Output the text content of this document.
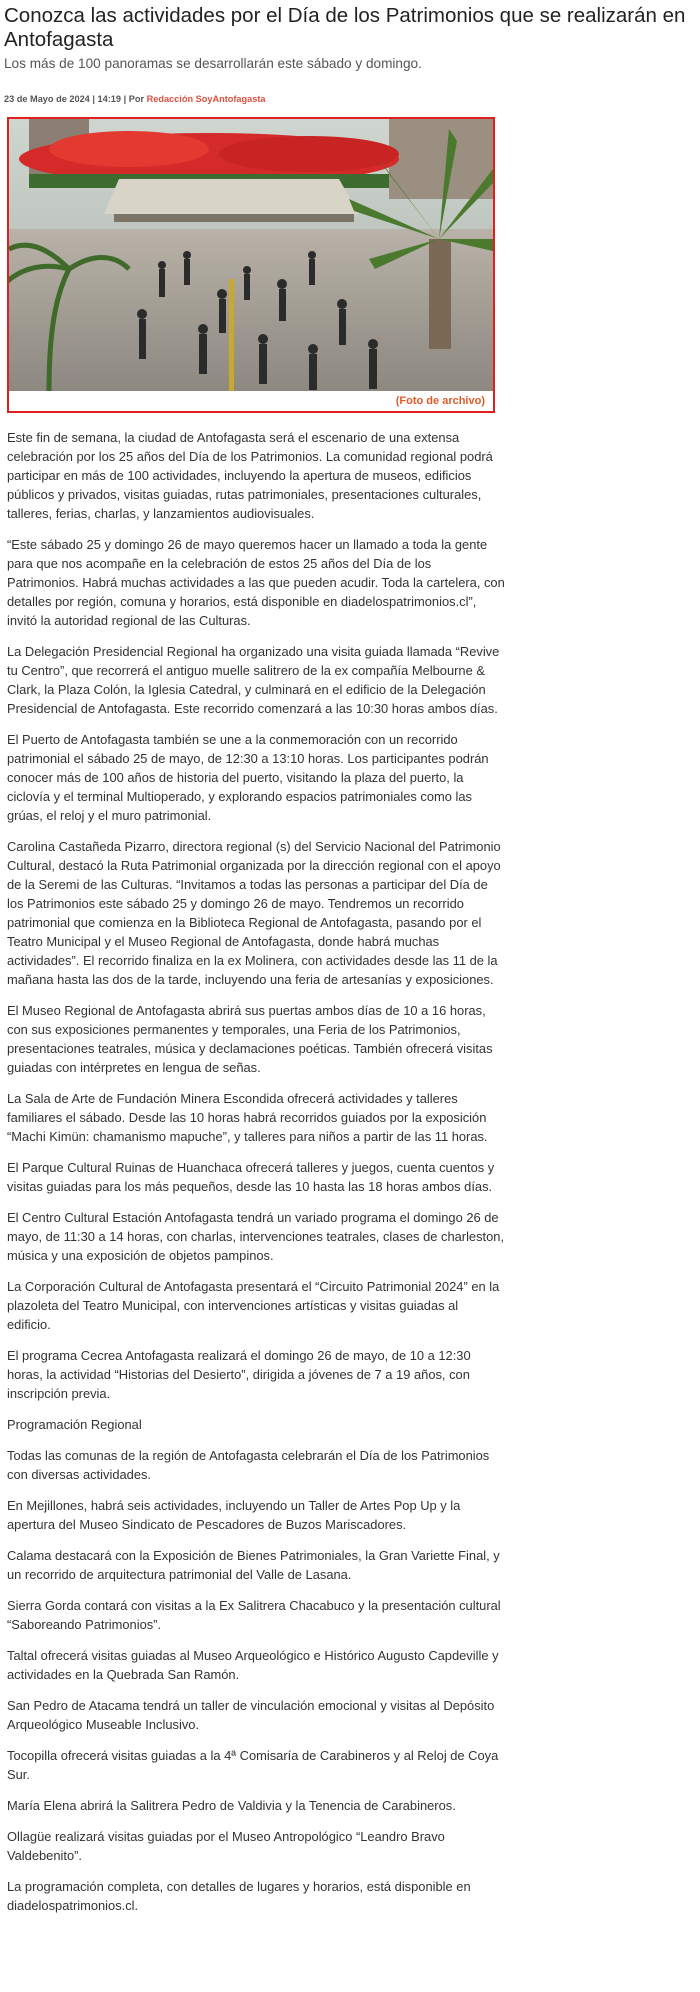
Conozca las actividades por el Día de los Patrimonios que se realizarán en Antofagasta

Los más de 100 panoramas se desarrollarán este sábado y domingo.

23 de Mayo de 2024 | 14:19 | Por Redacción SoyAntofagasta
(Foto de archivo)

Este fin de semana, la ciudad de Antofagasta será el escenario de una extensa celebración por los 25 años del Día de los Patrimonios. La comunidad regional podrá participar en más de 100 actividades, incluyendo la apertura de museos, edificios públicos y privados, visitas guiadas, rutas patrimoniales, presentaciones culturales, talleres, ferias, charlas, y lanzamientos audiovisuales.

“Este sábado 25 y domingo 26 de mayo queremos hacer un llamado a toda la gente para que nos acompañe en la celebración de estos 25 años del Día de los Patrimonios. Habrá muchas actividades a las que pueden acudir. Toda la cartelera, con detalles por región, comuna y horarios, está disponible en diadelospatrimonios.cl”, invitó la autoridad regional de las Culturas.

La Delegación Presidencial Regional ha organizado una visita guiada llamada “Revive tu Centro”, que recorrerá el antiguo muelle salitrero de la ex compañía Melbourne & Clark, la Plaza Colón, la Iglesia Catedral, y culminará en el edificio de la Delegación Presidencial de Antofagasta. Este recorrido comenzará a las 10:30 horas ambos días.

El Puerto de Antofagasta también se une a la conmemoración con un recorrido patrimonial el sábado 25 de mayo, de 12:30 a 13:10 horas. Los participantes podrán conocer más de 100 años de historia del puerto, visitando la plaza del puerto, la ciclovía y el terminal Multioperado, y explorando espacios patrimoniales como las grúas, el reloj y el muro patrimonial.

Carolina Castañeda Pizarro, directora regional (s) del Servicio Nacional del Patrimonio Cultural, destacó la Ruta Patrimonial organizada por la dirección regional con el apoyo de la Seremi de las Culturas. “Invitamos a todas las personas a participar del Día de los Patrimonios este sábado 25 y domingo 26 de mayo. Tendremos un recorrido patrimonial que comienza en la Biblioteca Regional de Antofagasta, pasando por el Teatro Municipal y el Museo Regional de Antofagasta, donde habrá muchas actividades”. El recorrido finaliza en la ex Molinera, con actividades desde las 11 de la mañana hasta las dos de la tarde, incluyendo una feria de artesanías y exposiciones.

El Museo Regional de Antofagasta abrirá sus puertas ambos días de 10 a 16 horas, con sus exposiciones permanentes y temporales, una Feria de los Patrimonios, presentaciones teatrales, música y declamaciones poéticas. También ofrecerá visitas guiadas con intérpretes en lengua de señas.

La Sala de Arte de Fundación Minera Escondida ofrecerá actividades y talleres familiares el sábado. Desde las 10 horas habrá recorridos guiados por la exposición “Machi Kimün: chamanismo mapuche”, y talleres para niños a partir de las 11 horas.

El Parque Cultural Ruinas de Huanchaca ofrecerá talleres y juegos, cuenta cuentos y visitas guiadas para los más pequeños, desde las 10 hasta las 18 horas ambos días.

El Centro Cultural Estación Antofagasta tendrá un variado programa el domingo 26 de mayo, de 11:30 a 14 horas, con charlas, intervenciones teatrales, clases de charleston, música y una exposición de objetos pampinos.

La Corporación Cultural de Antofagasta presentará el “Circuito Patrimonial 2024” en la plazoleta del Teatro Municipal, con intervenciones artísticas y visitas guiadas al edificio.

El programa Cecrea Antofagasta realizará el domingo 26 de mayo, de 10 a 12:30 horas, la actividad “Historias del Desierto”, dirigida a jóvenes de 7 a 19 años, con inscripción previa.

Programación Regional

Todas las comunas de la región de Antofagasta celebrarán el Día de los Patrimonios con diversas actividades.

En Mejillones, habrá seis actividades, incluyendo un Taller de Artes Pop Up y la apertura del Museo Sindicato de Pescadores de Buzos Mariscadores.

Calama destacará con la Exposición de Bienes Patrimoniales, la Gran Variette Final, y un recorrido de arquitectura patrimonial del Valle de Lasana.

Sierra Gorda contará con visitas a la Ex Salitrera Chacabuco y la presentación cultural “Saboreando Patrimonios”.

Taltal ofrecerá visitas guiadas al Museo Arqueológico e Histórico Augusto Capdeville y actividades en la Quebrada San Ramón.

San Pedro de Atacama tendrá un taller de vinculación emocional y visitas al Depósito Arqueológico Museable Inclusivo.

Tocopilla ofrecerá visitas guiadas a la 4ª Comisaría de Carabineros y al Reloj de Coya Sur.

María Elena abrirá la Salitrera Pedro de Valdivia y la Tenencia de Carabineros.

Ollagüe realizará visitas guiadas por el Museo Antropológico “Leandro Bravo Valdebenito”.

La programación completa, con detalles de lugares y horarios, está disponible en diadelospatrimonios.cl.
